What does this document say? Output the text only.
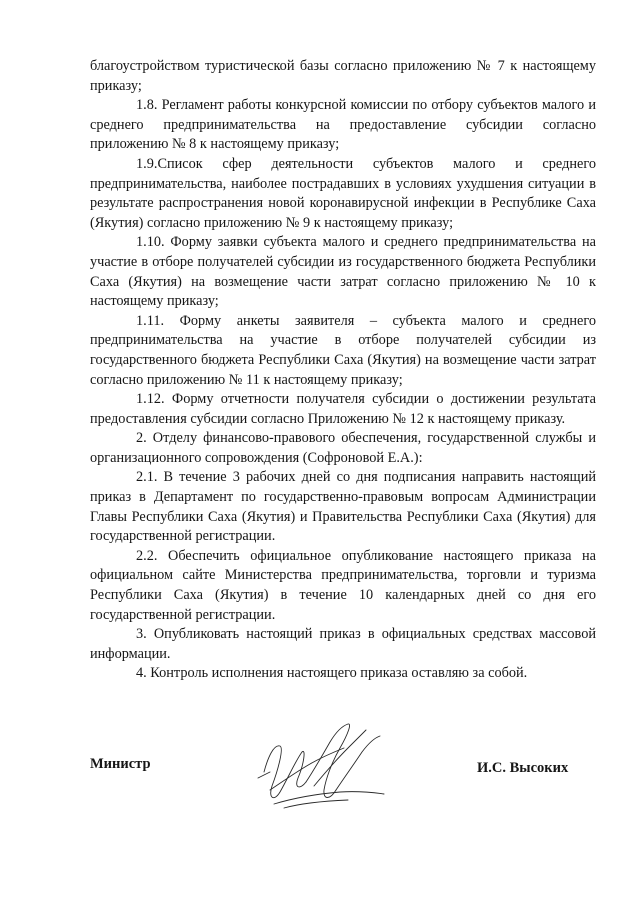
благоустройством туристической базы согласно приложению № 7 к настоящему приказу;

1.8. Регламент работы конкурсной комиссии по отбору субъектов малого и среднего предпринимательства на предоставление субсидии согласно приложению № 8 к настоящему приказу;

1.9.Список сфер деятельности субъектов малого и среднего предпринимательства, наиболее пострадавших в условиях ухудшения ситуации в результате распространения новой коронавирусной инфекции в Республике Саха (Якутия) согласно приложению № 9 к настоящему приказу;

1.10. Форму заявки субъекта малого и среднего предпринимательства на участие в отборе получателей субсидии из государственного бюджета Республики Саха (Якутия) на возмещение части затрат согласно приложению № 10 к настоящему приказу;

1.11. Форму анкеты заявителя – субъекта малого и среднего предпринимательства на участие в отборе получателей субсидии из государственного бюджета Республики Саха (Якутия) на возмещение части затрат согласно приложению № 11 к настоящему приказу;

1.12. Форму отчетности получателя субсидии о достижении результата предоставления субсидии согласно Приложению № 12 к настоящему приказу.

2. Отделу финансово-правового обеспечения, государственной службы и организационного сопровождения (Софроновой Е.А.):

2.1. В течение 3 рабочих дней со дня подписания направить настоящий приказ в Департамент по государственно-правовым вопросам Администрации Главы Республики Саха (Якутия) и Правительства Республики Саха (Якутия) для государственной регистрации.

2.2. Обеспечить официальное опубликование настоящего приказа на официальном сайте Министерства предпринимательства, торговли и туризма Республики Саха (Якутия) в течение 10 календарных дней со дня его государственной регистрации.

3. Опубликовать настоящий приказ в официальных средствах массовой информации.

4. Контроль исполнения настоящего приказа оставляю за собой.

Министр	И.С. Высоких
